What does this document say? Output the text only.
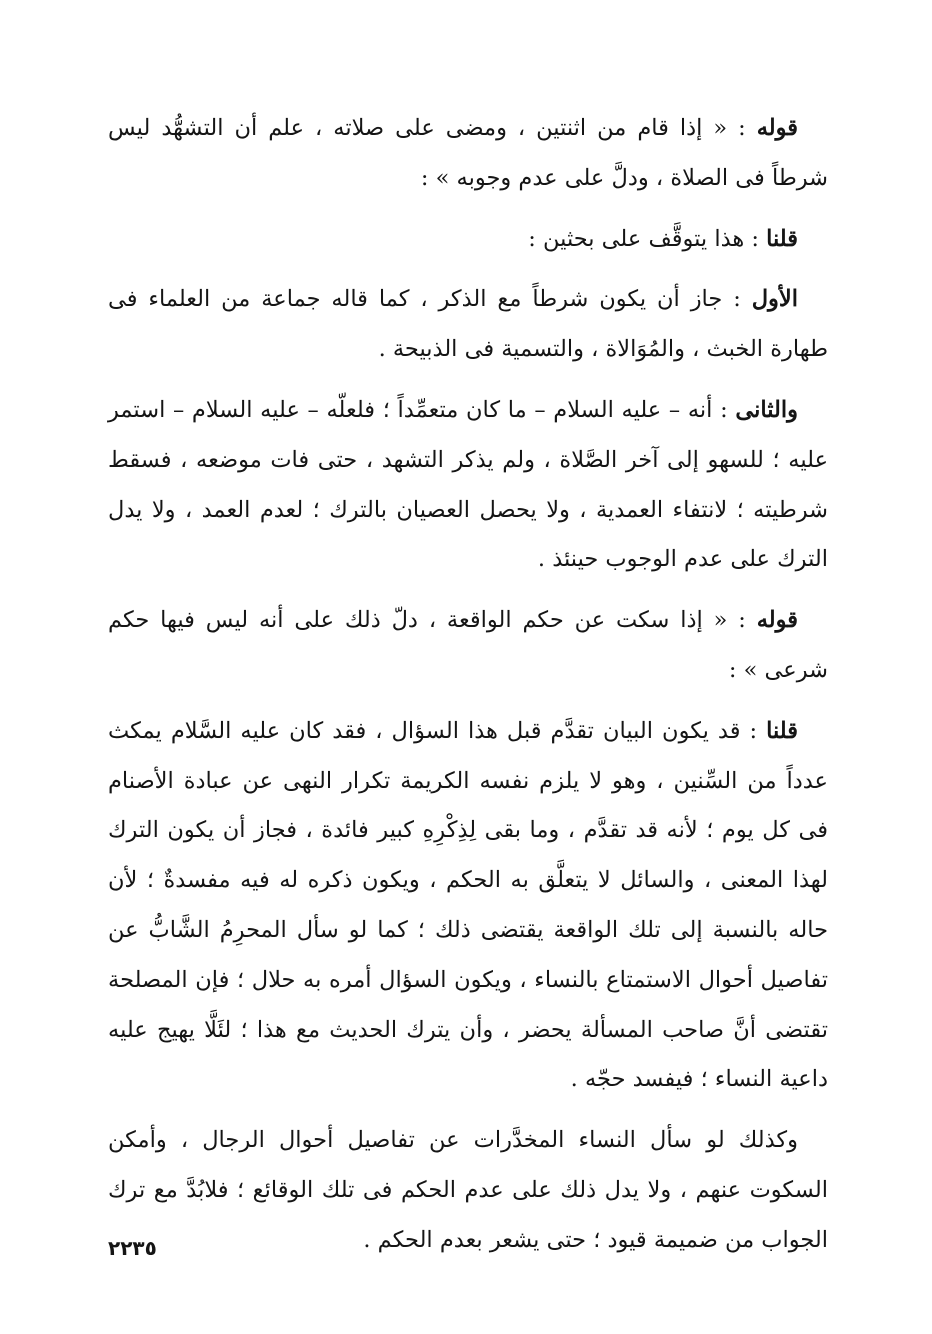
قوله : « إذا قام من اثنتين ، ومضى على صلاته ، علم أن التشهُّد ليس شرطاً فى الصلاة ، ودلَّ على عدم وجوبه » :

قلنا : هذا يتوقَّف على بحثين :

الأول : جاز أن يكون شرطاً مع الذكر ، كما قاله جماعة من العلماء فى طهارة الخبث ، والمُوَالاة ، والتسمية فى الذبيحة .

والثانى : أنه – عليه السلام – ما كان متعمِّداً ؛ فلعلّه – عليه السلام – استمر عليه ؛ للسهو إلى آخر الصَّلاة ، ولم يذكر التشهد ، حتى فات موضعه ، فسقط شرطيته ؛ لانتفاء العمدية ، ولا يحصل العصيان بالترك ؛ لعدم العمد ، ولا يدل الترك على عدم الوجوب حينئذ .

قوله : « إذا سكت عن حكم الواقعة ، دلّ ذلك على أنه ليس فيها حكم شرعى » :

قلنا : قد يكون البيان تقدَّم قبل هذا السؤال ، فقد كان عليه السَّلام يمكث عدداً من السِّنين ، وهو لا يلزم نفسه الكريمة تكرار النهى عن عبادة الأصنام فى كل يوم ؛ لأنه قد تقدَّم ، وما بقى لِذِكْرِهِ كبير فائدة ، فجاز أن يكون الترك لهذا المعنى ، والسائل لا يتعلَّق به الحكم ، ويكون ذكره له فيه مفسدةٌ ؛ لأن حاله بالنسبة إلى تلك الواقعة يقتضى ذلك ؛ كما لو سأل المحرِمُ الشَّابُّ عن تفاصيل أحوال الاستمتاع بالنساء ، ويكون السؤال أمره به حلال ؛ فإن المصلحة تقتضى أنَّ صاحب المسألة يحضر ، وأن يترك الحديث مع هذا ؛ لئَلَّا يهيج عليه داعية النساء ؛ فيفسد حجّه .

وكذلك لو سأل النساء المخدَّرات عن تفاصيل أحوال الرجال ، وأمكن السكوت عنهم ، ولا يدل ذلك على عدم الحكم فى تلك الوقائع ؛ فلابُدَّ مع ترك الجواب من ضميمة قيود ؛ حتى يشعر بعدم الحكم .

٢٢٣٥
